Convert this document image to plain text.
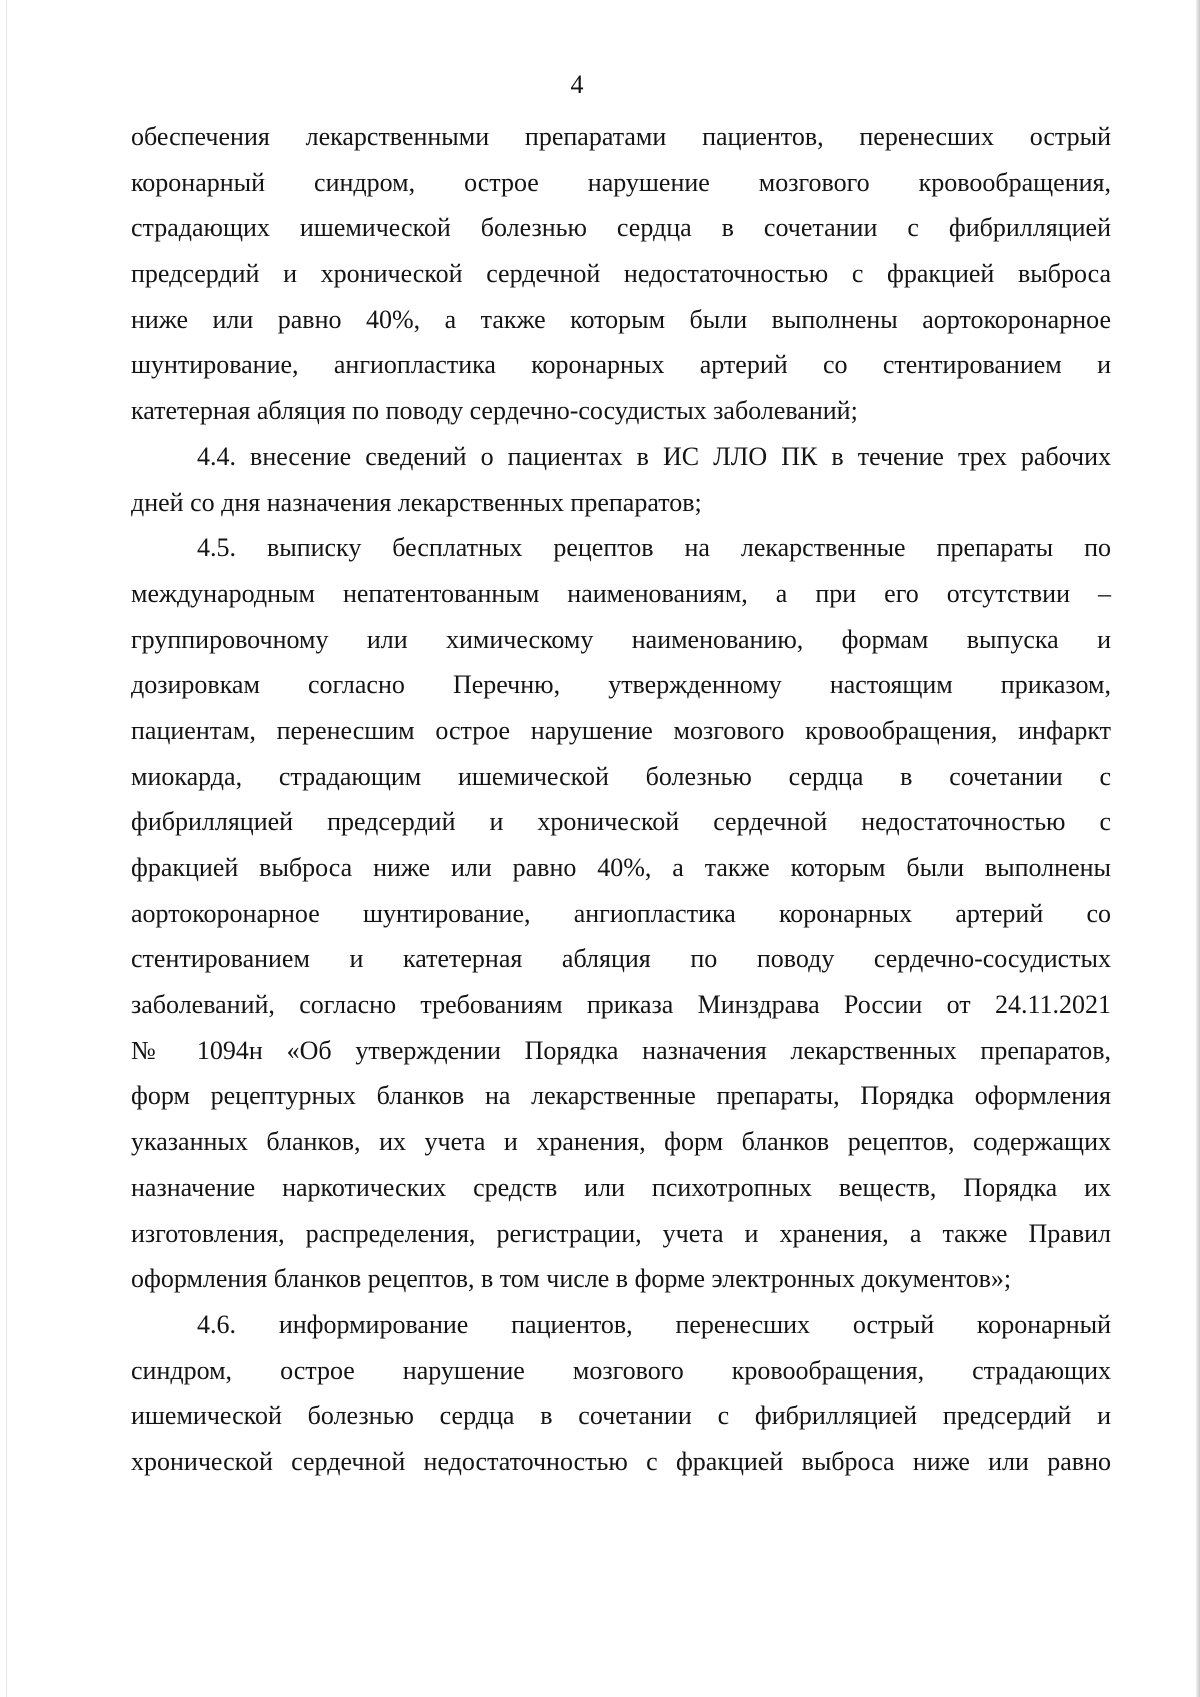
4

обеспечения лекарственными препаратами пациентов, перенесших острый
коронарный синдром, острое нарушение мозгового кровообращения,
страдающих ишемической болезнью сердца в сочетании с фибрилляцией
предсердий и хронической сердечной недостаточностью с фракцией выброса
ниже или равно 40%, а также которым были выполнены аортокоронарное
шунтирование, ангиопластика коронарных артерий со стентированием и
катетерная абляция по поводу сердечно-сосудистых заболеваний;

4.4. внесение сведений о пациентах в ИС ЛЛО ПК в течение трех рабочих
дней со дня назначения лекарственных препаратов;

4.5. выписку бесплатных рецептов на лекарственные препараты по
международным непатентованным наименованиям, а при его отсутствии –
группировочному или химическому наименованию, формам выпуска и
дозировкам согласно Перечню, утвержденному настоящим приказом,
пациентам, перенесшим острое нарушение мозгового кровообращения, инфаркт
миокарда, страдающим ишемической болезнью сердца в сочетании с
фибрилляцией предсердий и хронической сердечной недостаточностью с
фракцией выброса ниже или равно 40%, а также которым были выполнены
аортокоронарное шунтирование, ангиопластика коронарных артерий со
стентированием и катетерная абляция по поводу сердечно-сосудистых
заболеваний, согласно требованиям приказа Минздрава России от 24.11.2021
№ 1094н «Об утверждении Порядка назначения лекарственных препаратов,
форм рецептурных бланков на лекарственные препараты, Порядка оформления
указанных бланков, их учета и хранения, форм бланков рецептов, содержащих
назначение наркотических средств или психотропных веществ, Порядка их
изготовления, распределения, регистрации, учета и хранения, а также Правил
оформления бланков рецептов, в том числе в форме электронных документов»;

4.6. информирование пациентов, перенесших острый коронарный
синдром, острое нарушение мозгового кровообращения, страдающих
ишемической болезнью сердца в сочетании с фибрилляцией предсердий и
хронической сердечной недостаточностью с фракцией выброса ниже или равно
